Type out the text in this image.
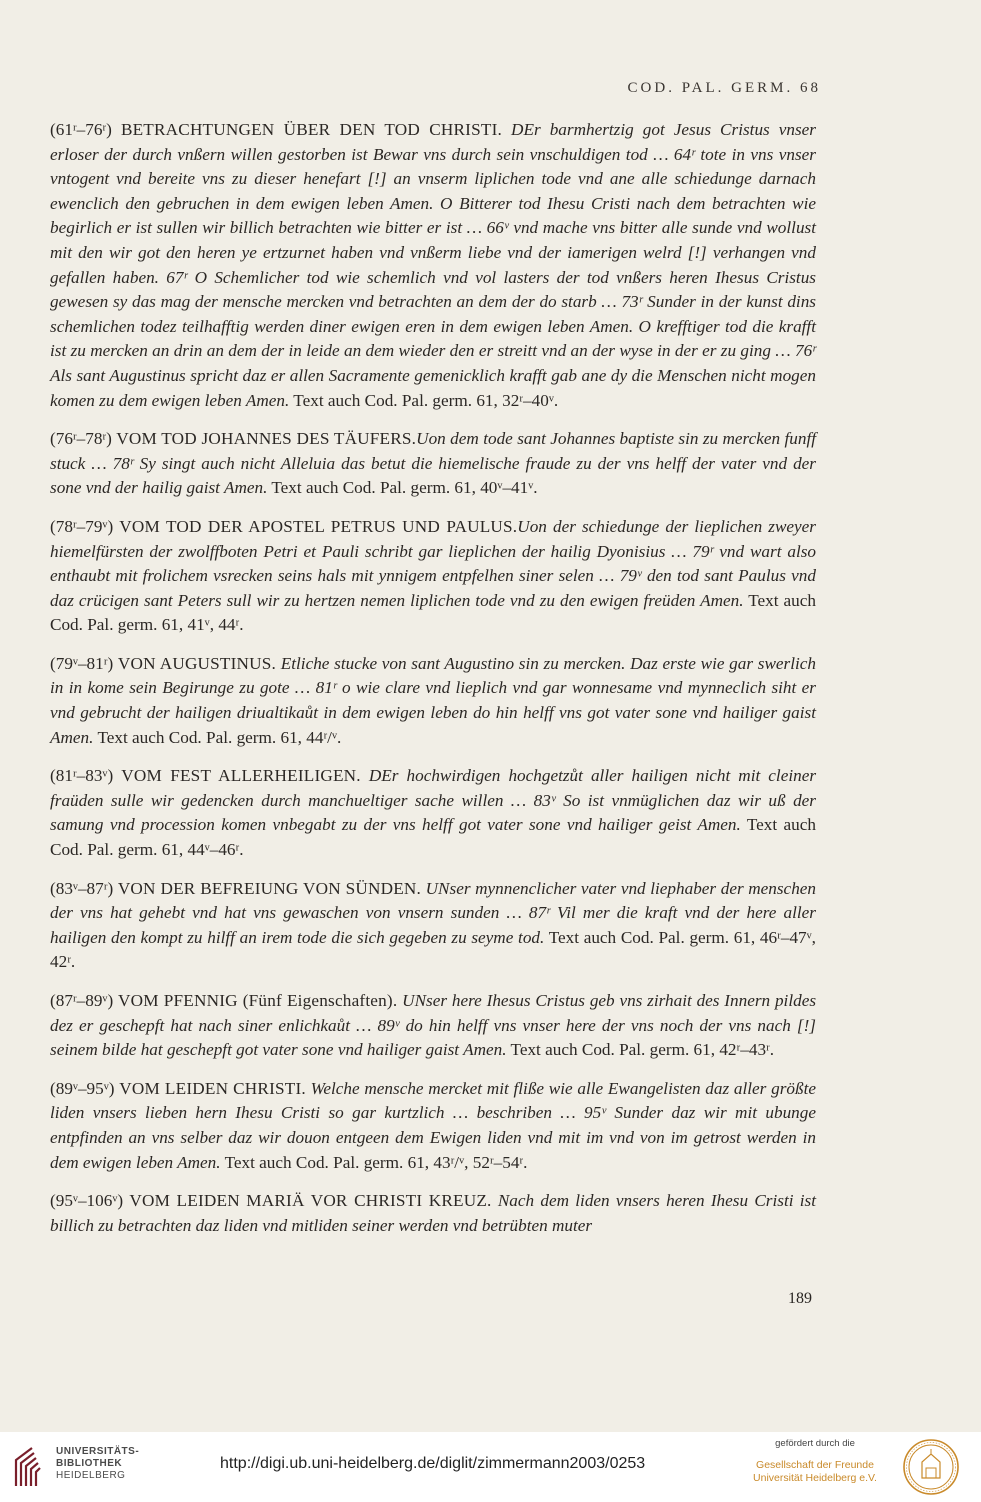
COD. PAL. GERM. 68

(61ʳ–76ʳ) BETRACHTUNGEN ÜBER DEN TOD CHRISTI. DEr barmhertzig got Jesus Cristus vnser erloser der durch vnßern willen gestorben ist Bewar vns durch sein vnschuldigen tod … 64ʳ tote in vns vnser vntogent vnd bereite vns zu dieser henefart [!] an vnserm liplichen tode vnd ane alle schiedunge darnach ewenclich den gebruchen in dem ewigen leben Amen. O Bitterer tod Ihesu Cristi nach dem betrachten wie begirlich er ist sullen wir billich betrachten wie bitter er ist … 66ᵛ vnd mache vns bitter alle sunde vnd wollust mit den wir got den heren ye ertzurnet haben vnd vnßerm liebe vnd der iamerigen welrd [!] verhangen vnd gefallen haben. 67ʳ O Schemlicher tod wie schemlich vnd vol lasters der tod vnßers heren Ihesus Cristus gewesen sy das mag der mensche mercken vnd betrachten an dem der do starb … 73ʳ Sunder in der kunst dins schemlichen todez teilhafftig werden diner ewigen eren in dem ewigen leben Amen. O krefftiger tod die krafft ist zu mercken an drin an dem der in leide an dem wieder den er streitt vnd an der wyse in der er zu ging … 76ʳ Als sant Augustinus spricht daz er allen Sacramente gemenicklich krafft gab ane dy die Menschen nicht mogen komen zu dem ewigen leben Amen. Text auch Cod. Pal. germ. 61, 32ʳ–40ᵛ.

(76ʳ–78ʳ) VOM TOD JOHANNES DES TÄUFERS.Uon dem tode sant Johannes baptiste sin zu mercken funff stuck … 78ʳ Sy singt auch nicht Alleluia das betut die hiemelische fraude zu der vns helff der vater vnd der sone vnd der hailig gaist Amen. Text auch Cod. Pal. germ. 61, 40ᵛ–41ᵛ.

(78ʳ–79ᵛ) VOM TOD DER APOSTEL PETRUS UND PAULUS.Uon der schiedunge der lieplichen zweyer hiemelfürsten der zwolffboten Petri et Pauli schribt gar lieplichen der hailig Dyonisius … 79ʳ vnd wart also enthaubt mit frolichem vsrecken seins hals mit ynnigem entpfelhen siner selen … 79ᵛ den tod sant Paulus vnd daz crücigen sant Peters sull wir zu hertzen nemen liplichen tode vnd zu den ewigen freüden Amen. Text auch Cod. Pal. germ. 61, 41ᵛ, 44ʳ.

(79ᵛ–81ʳ) VON AUGUSTINUS. Etliche stucke von sant Augustino sin zu mercken. Daz erste wie gar swerlich in in kome sein Begirunge zu gote … 81ʳ o wie clare vnd lieplich vnd gar wonnesame vnd mynneclich siht er vnd gebrucht der hailigen driualtikaůt in dem ewigen leben do hin helff vns got vater sone vnd hailiger gaist Amen. Text auch Cod. Pal. germ. 61, 44ʳ/ᵛ.

(81ʳ–83ᵛ) VOM FEST ALLERHEILIGEN. DEr hochwirdigen hochgetzůt aller hailigen nicht mit cleiner fraüden sulle wir gedencken durch manchueltiger sache willen … 83ᵛ So ist vnmüglichen daz wir uß der samung vnd procession komen vnbegabt zu der vns helff got vater sone vnd hailiger geist Amen. Text auch Cod. Pal. germ. 61, 44ᵛ–46ʳ.

(83ᵛ–87ʳ) VON DER BEFREIUNG VON SÜNDEN. UNser mynnenclicher vater vnd liephaber der menschen der vns hat gehebt vnd hat vns gewaschen von vnsern sunden … 87ʳ Vil mer die kraft vnd der here aller hailigen den kompt zu hilff an irem tode die sich gegeben zu seyme tod. Text auch Cod. Pal. germ. 61, 46ʳ–47ᵛ, 42ʳ.

(87ʳ–89ᵛ) VOM PFENNIG (Fünf Eigenschaften). UNser here Ihesus Cristus geb vns zirhait des Innern pildes dez er geschepft hat nach siner enlichkaůt … 89ᵛ do hin helff vns vnser here der vns noch der vns nach [!] seinem bilde hat geschepft got vater sone vnd hailiger gaist Amen. Text auch Cod. Pal. germ. 61, 42ʳ–43ʳ.

(89ᵛ–95ᵛ) VOM LEIDEN CHRISTI. Welche mensche mercket mit fliße wie alle Ewangelisten daz aller größte liden vnsers lieben hern Ihesu Cristi so gar kurtzlich … beschriben … 95ᵛ Sunder daz wir mit ubunge entpfinden an vns selber daz wir douon entgeen dem Ewigen liden vnd mit im vnd von im getrost werden in dem ewigen leben Amen. Text auch Cod. Pal. germ. 61, 43ʳ/ᵛ, 52ʳ–54ʳ.

(95ᵛ–106ᵛ) VOM LEIDEN MARIÄ VOR CHRISTI KREUZ. Nach dem liden vnsers heren Ihesu Cristi ist billich zu betrachten daz liden vnd mitliden seiner werden vnd betrübten muter

189
UNIVERSITÄTS-
BIBLIOTHEK
HEIDELBERG
http://digi.ub.uni-heidelberg.de/diglit/zimmermann2003/0253
gefördert durch die
Gesellschaft der Freunde
Universität Heidelberg e.V.
